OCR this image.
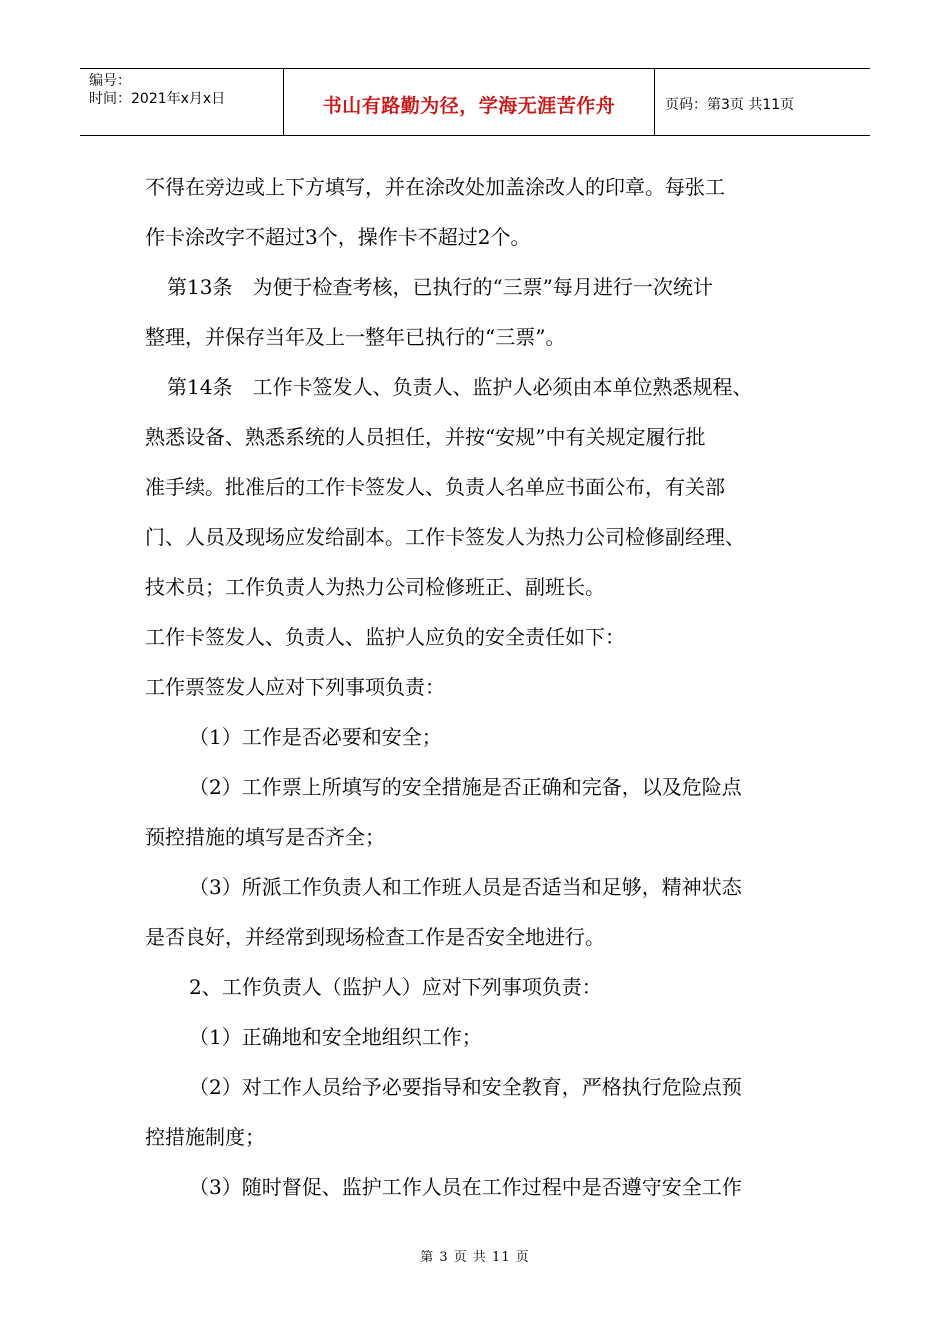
编号：
时间：2021年x月x日	书山有路勤为径，学海无涯苦作舟	页码：第3页 共11页

不得在旁边或上下方填写，并在涂改处加盖涂改人的印章。每张工

作卡涂改字不超过3个，操作卡不超过2个。

第13条　为便于检查考核，已执行的“三票”每月进行一次统计

整理，并保存当年及上一整年已执行的“三票”。

第14条　工作卡签发人、负责人、监护人必须由本单位熟悉规程、

熟悉设备、熟悉系统的人员担任，并按“安规”中有关规定履行批

准手续。批准后的工作卡签发人、负责人名单应书面公布，有关部

门、人员及现场应发给副本。工作卡签发人为热力公司检修副经理、

技术员；工作负责人为热力公司检修班正、副班长。

工作卡签发人、负责人、监护人应负的安全责任如下：

工作票签发人应对下列事项负责：

（1）工作是否必要和安全；

（2）工作票上所填写的安全措施是否正确和完备，以及危险点

预控措施的填写是否齐全；

（3）所派工作负责人和工作班人员是否适当和足够，精神状态

是否良好，并经常到现场检查工作是否安全地进行。

2、工作负责人（监护人）应对下列事项负责：

（1）正确地和安全地组织工作；

（2）对工作人员给予必要指导和安全教育，严格执行危险点预

控措施制度；

（3）随时督促、监护工作人员在工作过程中是否遵守安全工作

第 3 页 共 11 页
